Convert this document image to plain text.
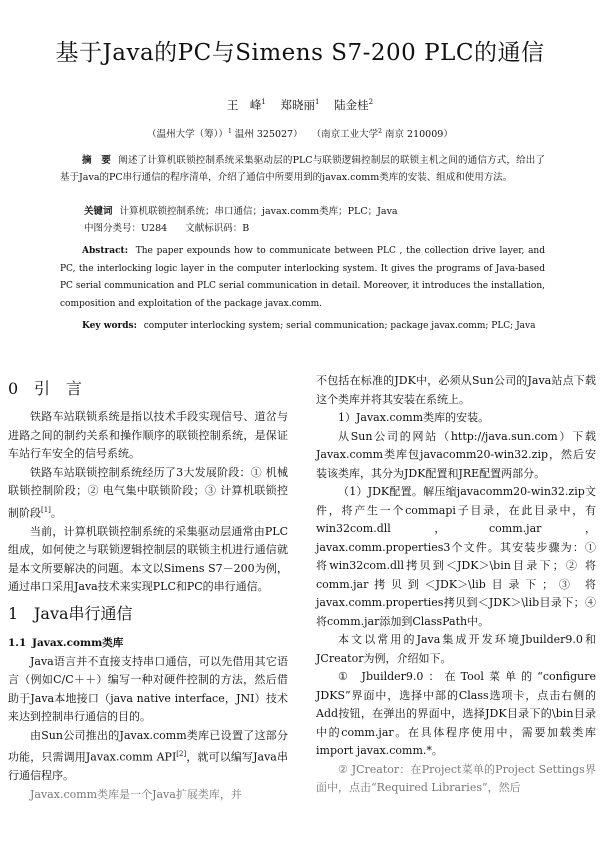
基于Java的PC与Simens S7-200 PLC的通信
王　峰$^1$ 郑晓丽$^1$ 陆金桂$^2$
（温州大学（筹））$^1$ 温州 325027） （南京工业大学$^2$ 南京 210009）
摘　要 阐述了计算机联锁控制系统采集驱动层的PLC与联锁逻辑控制层的联锁主机之间的通信方式，给出了基于Java的PC串行通信的程序清单，介绍了通信中所要用到的javax.comm类库的安装、组成和使用方法。
关键词 计算机联锁控制系统；串口通信；javax.comm类库；PLC；Java
中图分类号：U284 文献标识码：B
Abstract: The paper expounds how to communicate between PLC , the collection drive layer, and PC, the interlocking logic layer in the computer interlocking system. It gives the programs of Java-based PC serial communication and PLC serial communication in detail. Moreover, it introduces the installation, composition and exploitation of the package javax.comm.
Key words: computer interlocking system; serial communication; package javax.comm; PLC; Java

0 引　言

铁路车站联锁系统是指以技术手段实现信号、道岔与进路之间的制约关系和操作顺序的联锁控制系统，是保证车站行车安全的信号系统。

铁路车站联锁控制系统经历了3大发展阶段：① 机械联锁控制阶段；② 电气集中联锁阶段；③ 计算机联锁控制阶段[1]。

当前，计算机联锁控制系统的采集驱动层通常由PLC组成，如何使之与联锁逻辑控制层的联锁主机进行通信就是本文所要解决的问题。本文以Simens S7－200为例，通过串口采用Java技术来实现PLC和PC的串行通信。

1 Java串行通信

1.1 Javax.comm类库

Java语言并不直接支持串口通信，可以先借用其它语言（例如C/C＋＋）编写一种对硬件控制的方法，然后借助于Java本地接口（java native interface，JNI）技术来达到控制串行通信的目的。

由Sun公司推出的Javax.comm类库已设置了这部分功能，只需调用Javax.comm API[2]，就可以编写Java串行通信程序。

Javax.comm类库是一个Java扩展类库，并

不包括在标准的JDK中，必须从Sun公司的Java站点下载这个类库并将其安装在系统上。

1）Javax.comm类库的安装。

从Sun公司的网站（http://java.sun.com）下载Javax.comm类库包javacomm20-win32.zip，然后安装该类库，其分为JDK配置和JRE配置两部分。

（1）JDK配置。解压缩javacomm20-win32.zip文件，将产生一个commapi子目录，在此目录中，有win32com.dll，comm.jar，javax.comm.properties3个文件。其安装步骤为：① 将win32com.dll拷贝到＜JDK＞\bin目录下；② 将comm.jar拷贝到＜JDK＞\lib目录下；③ 将javax.comm.properties拷贝到＜JDK＞\lib目录下；④ 将comm.jar添加到ClassPath中。

本文以常用的Java集成开发环境Jbuilder9.0和JCreator为例，介绍如下。

① Jbuilder9.0：在Tool菜单的“configure JDKS”界面中，选择中部的Class选项卡，点击右侧的Add按钮，在弹出的界面中，选择JDK目录下的\bin目录中的comm.jar。在具体程序使用中，需要加载类库import javax.comm.*。

② JCreator：在Project菜单的Project Settings界面中，点击“Required Libraries”，然后
